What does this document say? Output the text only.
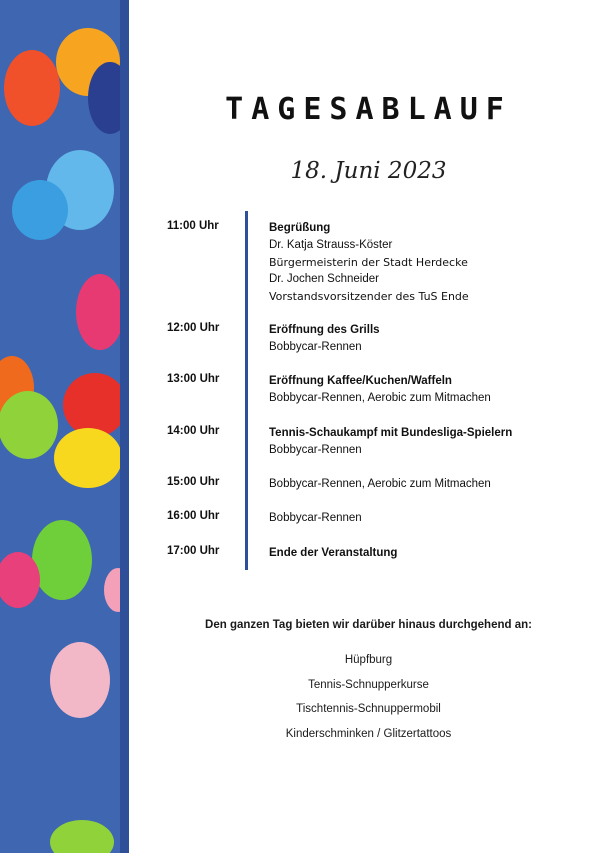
TAGESABLAUF
18. Juni 2023
11:00 Uhr	Begrüßung
Dr. Katja Strauss-Köster
Bürgermeisterin der Stadt Herdecke
Dr. Jochen Schneider
Vorstandsvorsitzender des TuS Ende
12:00 Uhr	Eröffnung des Grills
Bobbycar-Rennen
13:00 Uhr	Eröffnung Kaffee/Kuchen/Waffeln
Bobbycar-Rennen, Aerobic zum Mitmachen
14:00 Uhr	Tennis-Schaukampf mit Bundesliga-Spielern
Bobbycar-Rennen
15:00 Uhr	Bobbycar-Rennen, Aerobic zum Mitmachen
16:00 Uhr	Bobbycar-Rennen
17:00 Uhr	Ende der Veranstaltung
Den ganzen Tag bieten wir darüber hinaus durchgehend an:
Hüpfburg
Tennis-Schnupperkurse
Tischtennis-Schnuppermobil
Kinderschminken / Glitzertattoos
